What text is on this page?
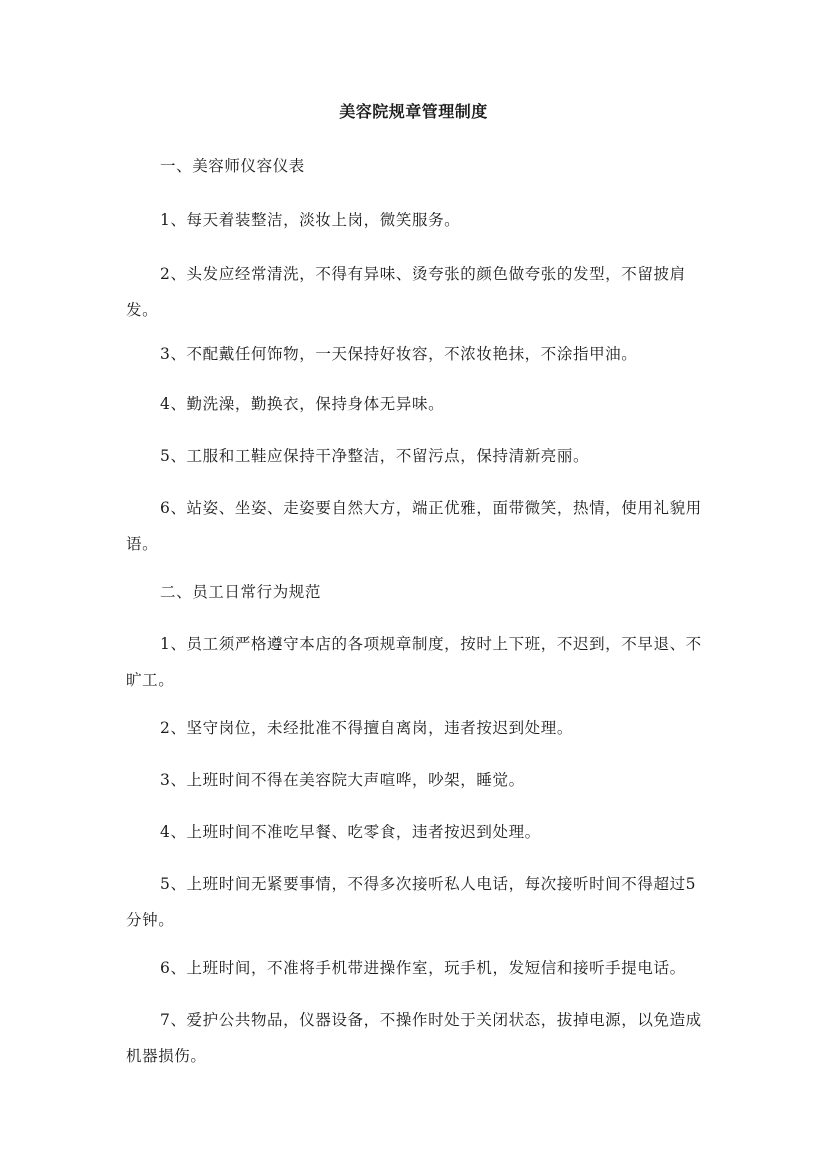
美容院规章管理制度
一、美容师仪容仪表
1、每天着装整洁，淡妆上岗，微笑服务。
2、头发应经常清洗，不得有异味、烫夸张的颜色做夸张的发型，不留披肩发。
3、不配戴任何饰物，一天保持好妆容，不浓妆艳抹，不涂指甲油。
4、勤洗澡，勤换衣，保持身体无异味。
5、工服和工鞋应保持干净整洁，不留污点，保持清新亮丽。
6、站姿、坐姿、走姿要自然大方，端正优雅，面带微笑，热情，使用礼貌用语。
二、员工日常行为规范
1、员工须严格遵守本店的各项规章制度，按时上下班，不迟到，不早退、不旷工。
2、坚守岗位，未经批准不得擅自离岗，违者按迟到处理。
3、上班时间不得在美容院大声喧哗，吵架，睡觉。
4、上班时间不准吃早餐、吃零食，违者按迟到处理。
5、上班时间无紧要事情，不得多次接听私人电话，每次接听时间不得超过5分钟。
6、上班时间，不准将手机带进操作室，玩手机，发短信和接听手提电话。
7、爱护公共物品，仪器设备，不操作时处于关闭状态，拔掉电源，以免造成机器损伤。
